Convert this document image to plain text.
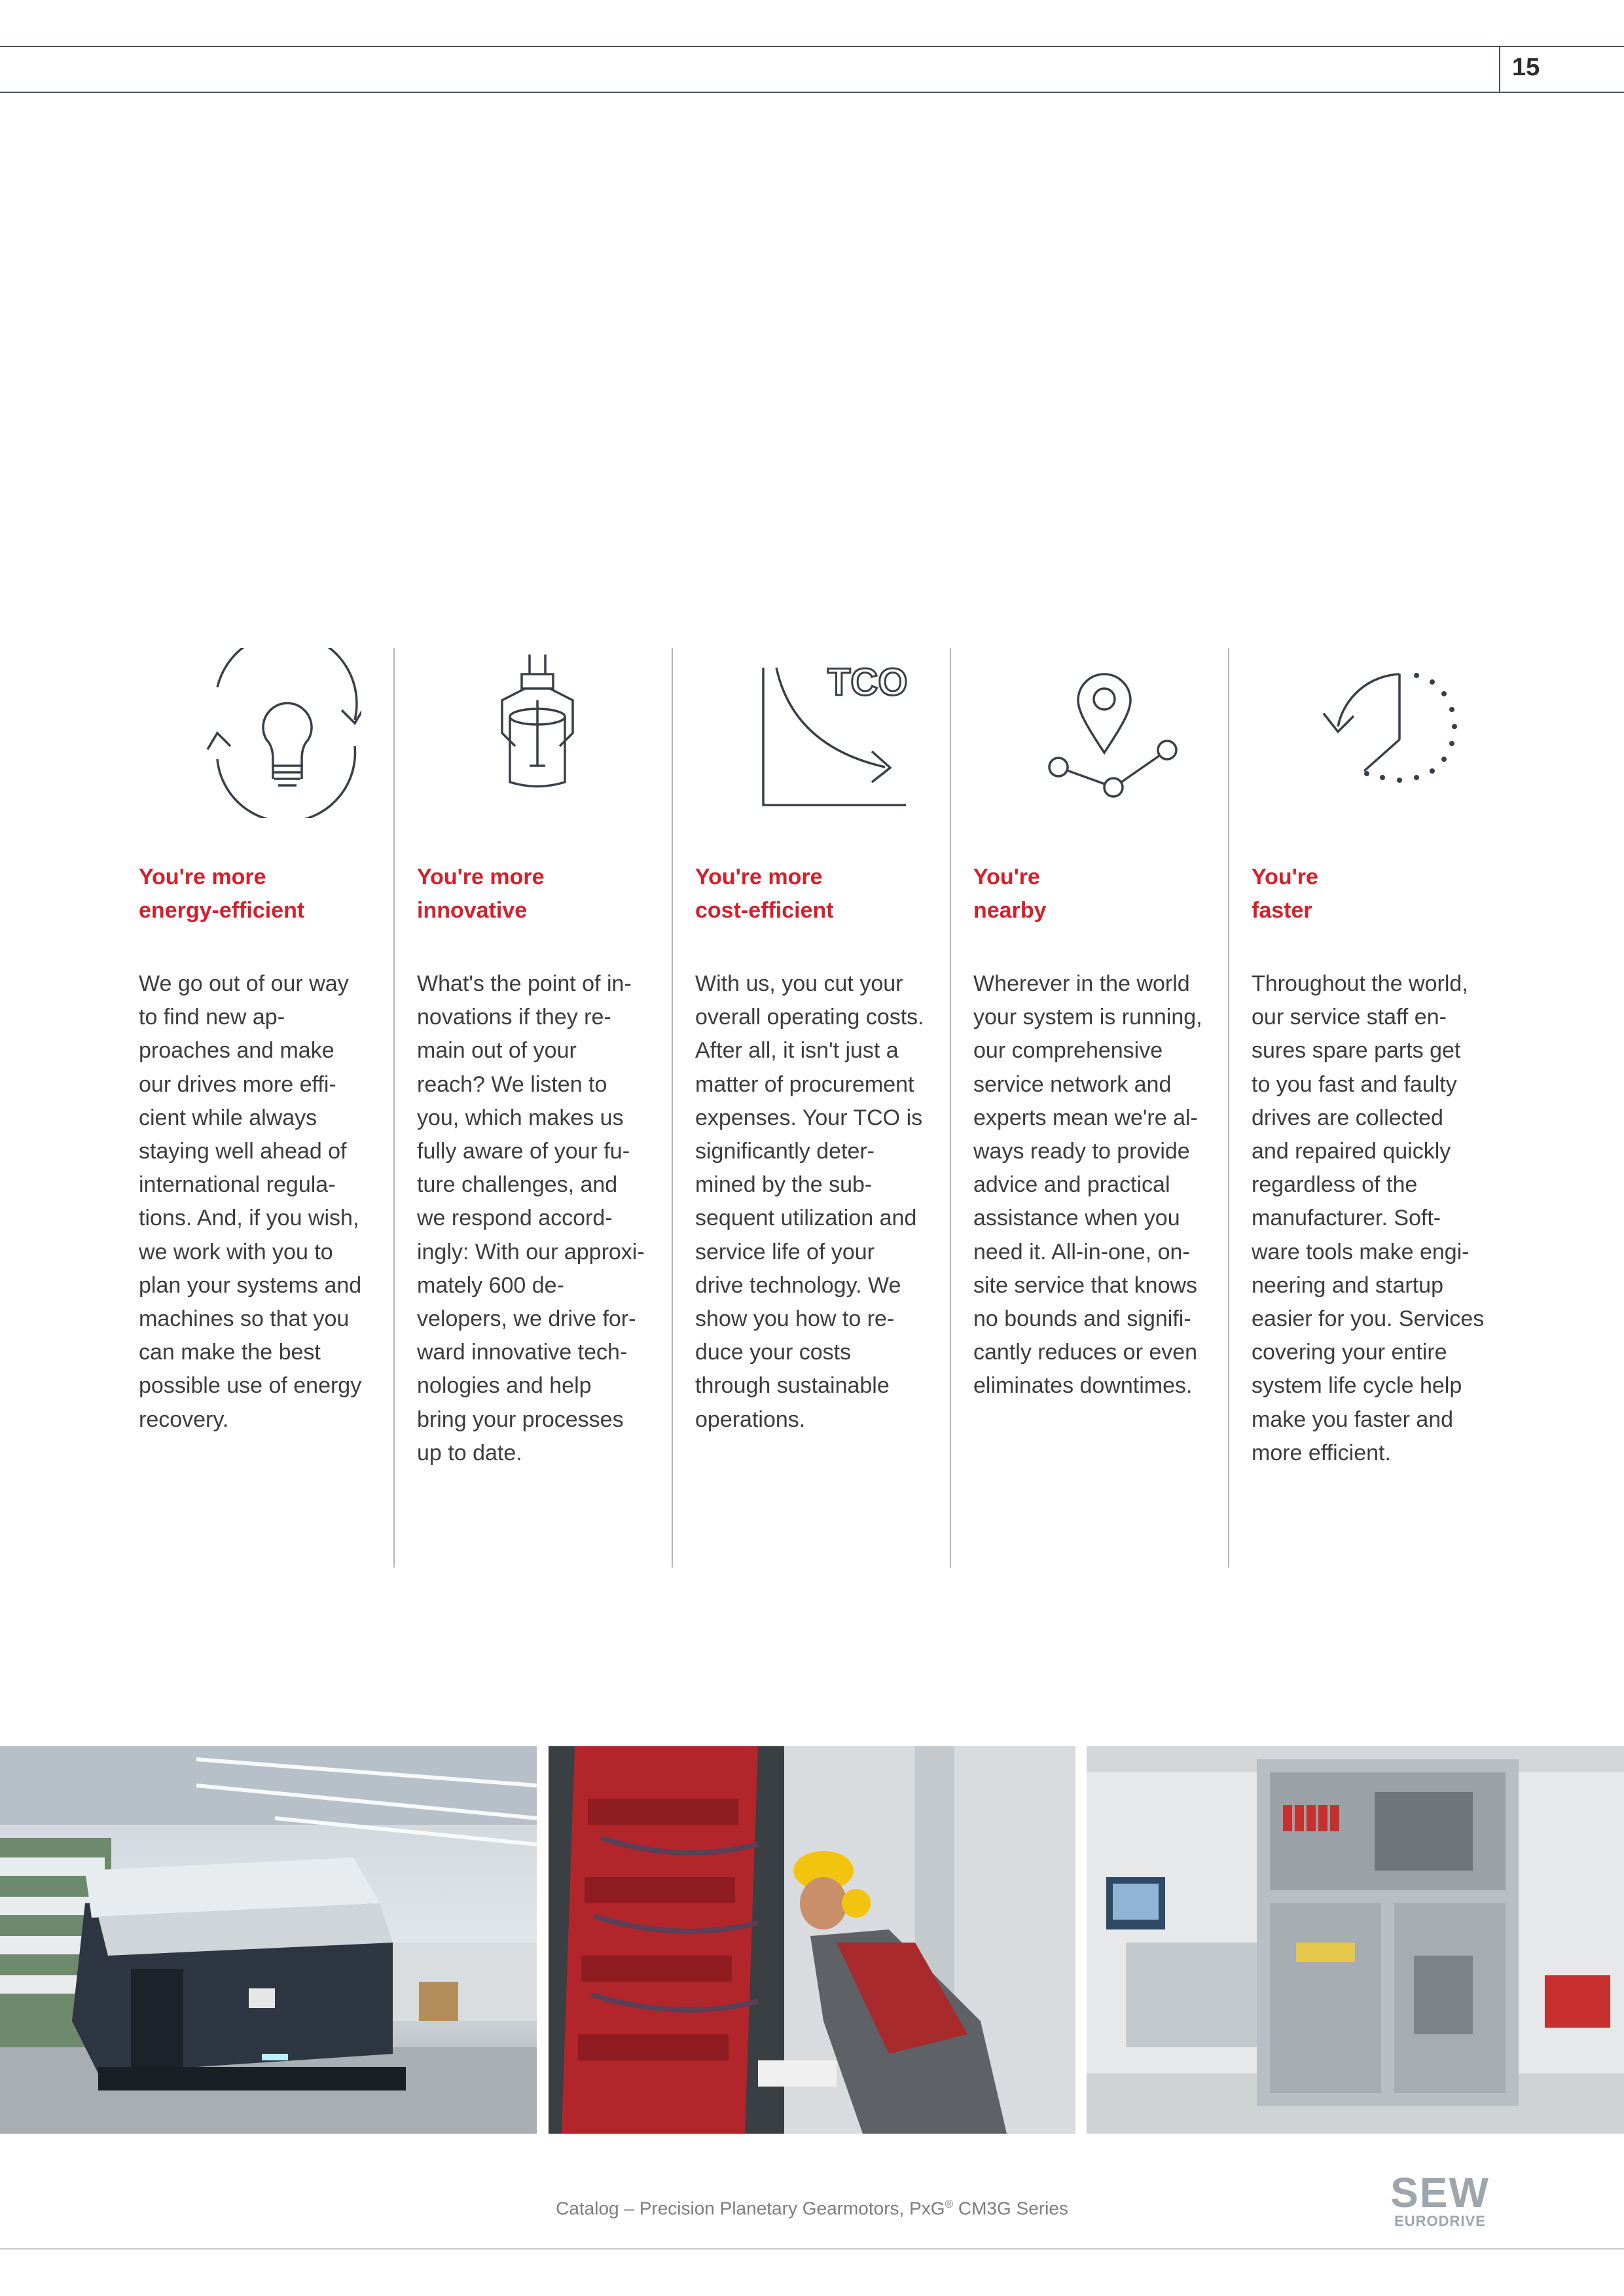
15
You're more
energy-efficient
We go out of our way
to find new ap-
proaches and make
our drives more effi-
cient while always
staying well ahead of
international regula-
tions. And, if you wish,
we work with you to
plan your systems and
machines so that you
can make the best
possible use of energy
recovery.
You're more
innovative
What's the point of in-
novations if they re-
main out of your
reach? We listen to
you, which makes us
fully aware of your fu-
ture challenges, and
we respond accord-
ingly: With our approxi-
mately 600 de-
velopers, we drive for-
ward innovative tech-
nologies and help
bring your processes
up to date.
TCO
You're more
cost-efficient
With us, you cut your
overall operating costs.
After all, it isn't just a
matter of procurement
expenses. Your TCO is
significantly deter-
mined by the sub-
sequent utilization and
service life of your
drive technology. We
show you how to re-
duce your costs
through sustainable
operations.
You're
nearby
Wherever in the world
your system is running,
our comprehensive
service network and
experts mean we're al-
ways ready to provide
advice and practical
assistance when you
need it. All-in-one, on-
site service that knows
no bounds and signifi-
cantly reduces or even
eliminates downtimes.
You're
faster
Throughout the world,
our service staff en-
sures spare parts get
to you fast and faulty
drives are collected
and repaired quickly
regardless of the
manufacturer. Soft-
ware tools make engi-
neering and startup
easier for you. Services
covering your entire
system life cycle help
make you faster and
more efficient.
Catalog – Precision Planetary Gearmotors, PxG® CM3G Series	SEW
EURODRIVE
